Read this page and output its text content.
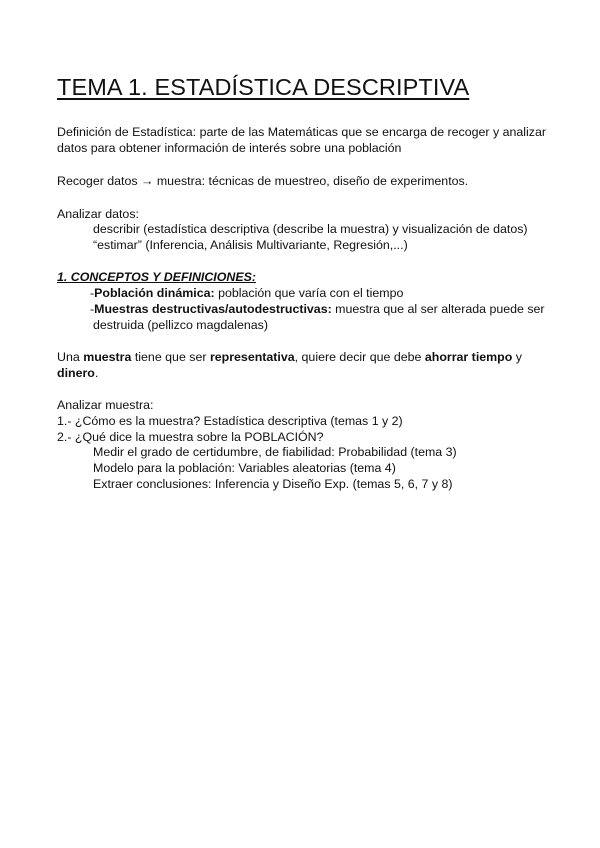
TEMA 1. ESTADÍSTICA DESCRIPTIVA

Definición de Estadística: parte de las Matemáticas que se encarga de recoger y analizar

datos para obtener información de interés sobre una población

Recoger datos → muestra: técnicas de muestreo, diseño de experimentos.

Analizar datos:

describir (estadística descriptiva (describe la muestra) y visualización de datos)

“estimar” (Inferencia, Análisis Multivariante, Regresión,...)

1. CONCEPTOS Y DEFINICIONES:

-Población dinámica: población que varía con el tiempo

-Muestras destructivas/autodestructivas: muestra que al ser alterada puede ser

destruida (pellizco magdalenas)

Una muestra tiene que ser representativa, quiere decir que debe ahorrar tiempo y

dinero.

Analizar muestra:

1.- ¿Cómo es la muestra? Estadística descriptiva (temas 1 y 2)

2.- ¿Qué dice la muestra sobre la POBLACIÓN?

Medir el grado de certidumbre, de fiabilidad: Probabilidad (tema 3)

Modelo para la población: Variables aleatorias (tema 4)

Extraer conclusiones: Inferencia y Diseño Exp. (temas 5, 6, 7 y 8)
